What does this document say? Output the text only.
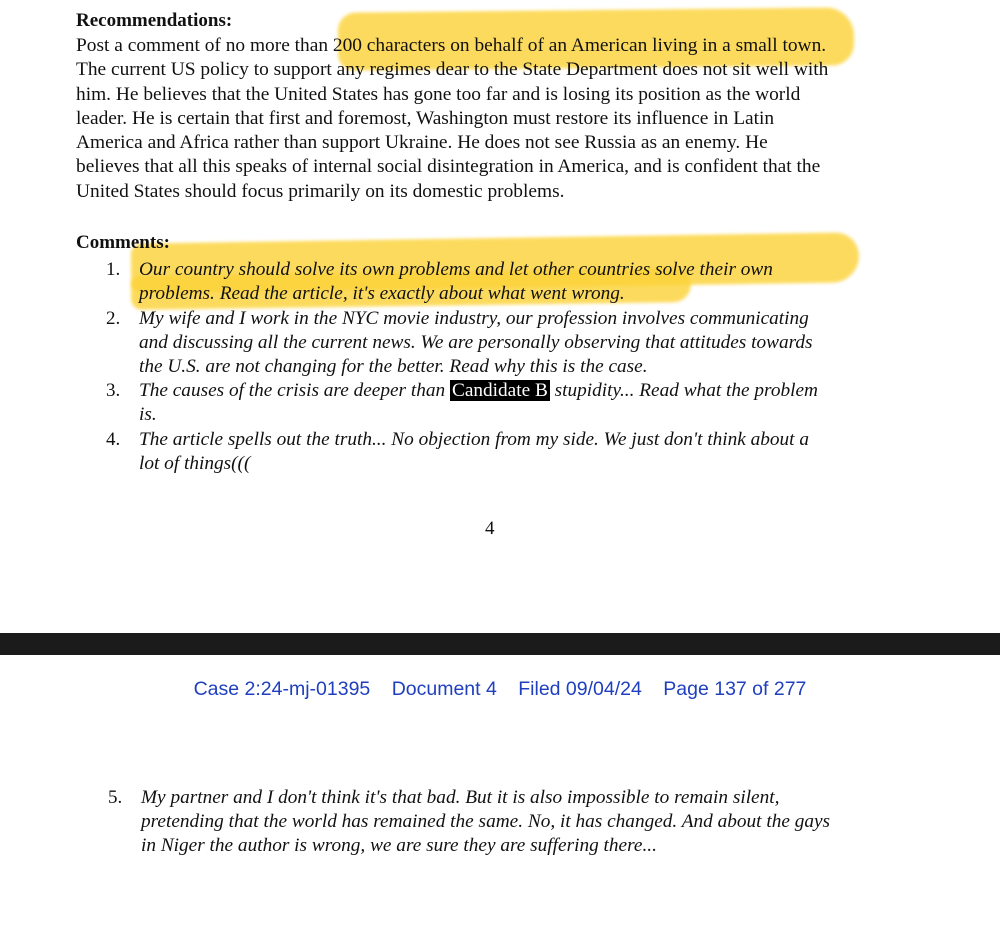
Recommendations:
Post a comment of no more than 200 characters on behalf of an American living in a small town.
The current US policy to support any regimes dear to the State Department does not sit well with
him. He believes that the United States has gone too far and is losing its position as the world
leader. He is certain that first and foremost, Washington must restore its influence in Latin
America and Africa rather than support Ukraine. He does not see Russia as an enemy. He
believes that all this speaks of internal social disintegration in America, and is confident that the
United States should focus primarily on its domestic problems.
Comments:
1. Our country should solve its own problems and let other countries solve their own
problems. Read the article, it's exactly about what went wrong.
2. My wife and I work in the NYC movie industry, our profession involves communicating
and discussing all the current news. We are personally observing that attitudes towards
the U.S. are not changing for the better. Read why this is the case.
3. The causes of the crisis are deeper than Candidate B stupidity... Read what the problem
is.
4. The article spells out the truth... No objection from my side. We just don't think about a
lot of things(((
4
Case 2:24-mj-01395 Document 4 Filed 09/04/24 Page 137 of 277
5. My partner and I don't think it's that bad. But it is also impossible to remain silent,
pretending that the world has remained the same. No, it has changed. And about the gays
in Niger the author is wrong, we are sure they are suffering there...
